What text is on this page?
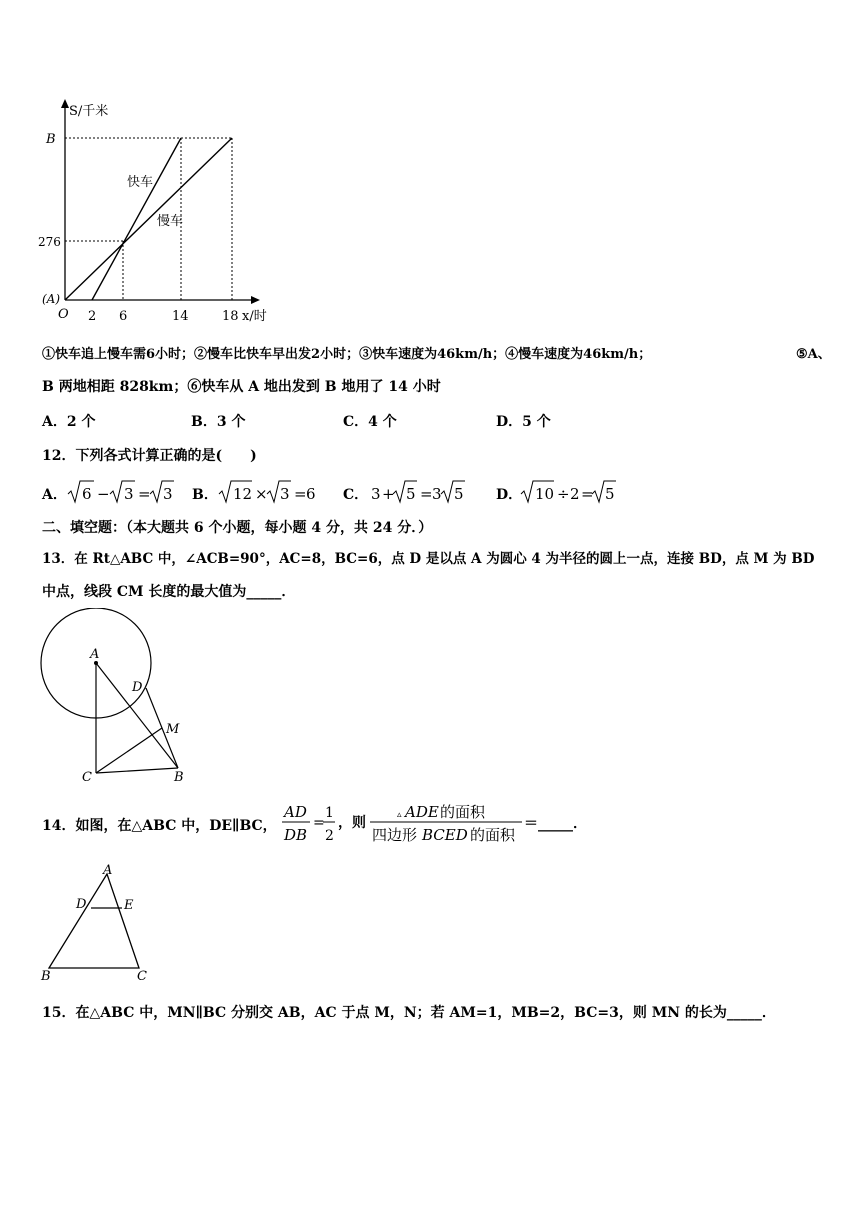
S/千米
x/时
B
276
(A)
O 2 6	14	18
快车
慢车
①快车追上慢车需6小时；②慢车比快车早出发2小时；③快车速度为46km/h；④慢车速度为46km/h；	⑤A、
B 两地相距 828km；⑥快车从 A 地出发到 B 地用了 14 小时
A．2 个	B．3 个	C．4 个	D．5 个
12．下列各式计算正确的是(　　)
A． 6 − 3 = 3 B． 12 × 3 = 6 C． 3 + 5 = 3 5 D． 10 ÷ 2 = 5
二、填空题：（本大题共 6 个小题，每小题 4 分，共 24 分．）
13．在 Rt△ABC 中，∠ACB=90°，AC=8，BC=6，点 D 是以点 A 为圆心 4 为半径的圆上一点，连接 BD，点 M 为 BD
中点，线段 CM 长度的最大值为_____．
A
D
M
C	B
14．如图，在△ABC 中，DE∥BC，
AD
DB
=
1
2
，则	▵ ADE 的面积
四边形 BCED 的面积
＝_____．
A
D	E
B	C
15．在△ABC 中，MN∥BC 分别交 AB，AC 于点 M，N；若 AM=1，MB=2，BC=3，则 MN 的长为_____．
